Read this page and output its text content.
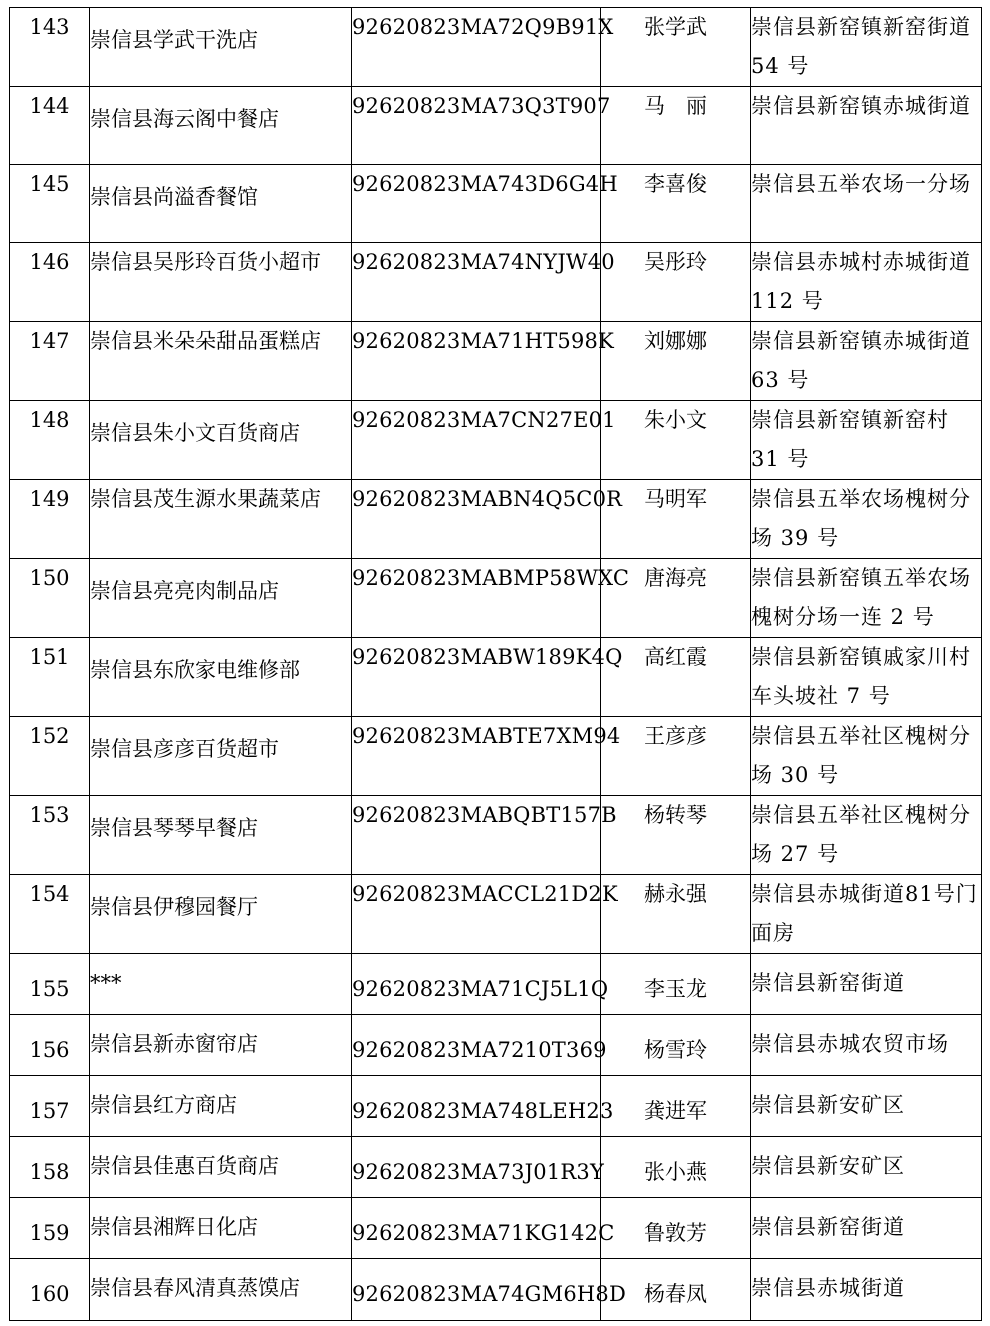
143	崇信县学武干洗店	92620823MA72Q9B91X	张学武	崇信县新窑镇新窑街道 54 号
144	崇信县海云阁中餐店	92620823MA73Q3T907	马　丽	崇信县新窑镇赤城街道
145	崇信县尚溢香餐馆	92620823MA743D6G4H	李喜俊	崇信县五举农场一分场
146	崇信县吴彤玲百货小超市	92620823MA74NYJW40	吴彤玲	崇信县赤城村赤城街道 112 号
147	崇信县米朵朵甜品蛋糕店	92620823MA71HT598K	刘娜娜	崇信县新窑镇赤城街道 63 号
148	崇信县朱小文百货商店	92620823MA7CN27E01	朱小文	崇信县新窑镇新窑村 31 号
149	崇信县茂生源水果蔬菜店	92620823MABN4Q5C0R	马明军	崇信县五举农场槐树分场 39 号
150	崇信县亮亮肉制品店	92620823MABMP58WXC	唐海亮	崇信县新窑镇五举农场槐树分场一连 2 号
151	崇信县东欣家电维修部	92620823MABW189K4Q	高红霞	崇信县新窑镇戚家川村车头坡社 7 号
152	崇信县彦彦百货超市	92620823MABTE7XM94	王彦彦	崇信县五举社区槐树分场 30 号
153	崇信县琴琴早餐店	92620823MABQBT157B	杨转琴	崇信县五举社区槐树分场 27 号
154	崇信县伊穆园餐厅	92620823MACCL21D2K	赫永强	崇信县赤城街道81号门面房
155	***	92620823MA71CJ5L1Q	李玉龙	崇信县新窑街道
156	崇信县新赤窗帘店	92620823MA7210T369	杨雪玲	崇信县赤城农贸市场
157	崇信县红方商店	92620823MA748LEH23	龚进军	崇信县新安矿区
158	崇信县佳惠百货商店	92620823MA73J01R3Y	张小燕	崇信县新安矿区
159	崇信县湘辉日化店	92620823MA71KG142C	鲁敦芳	崇信县新窑街道
160	崇信县春风清真蒸馍店	92620823MA74GM6H8D	杨春凤	崇信县赤城街道
